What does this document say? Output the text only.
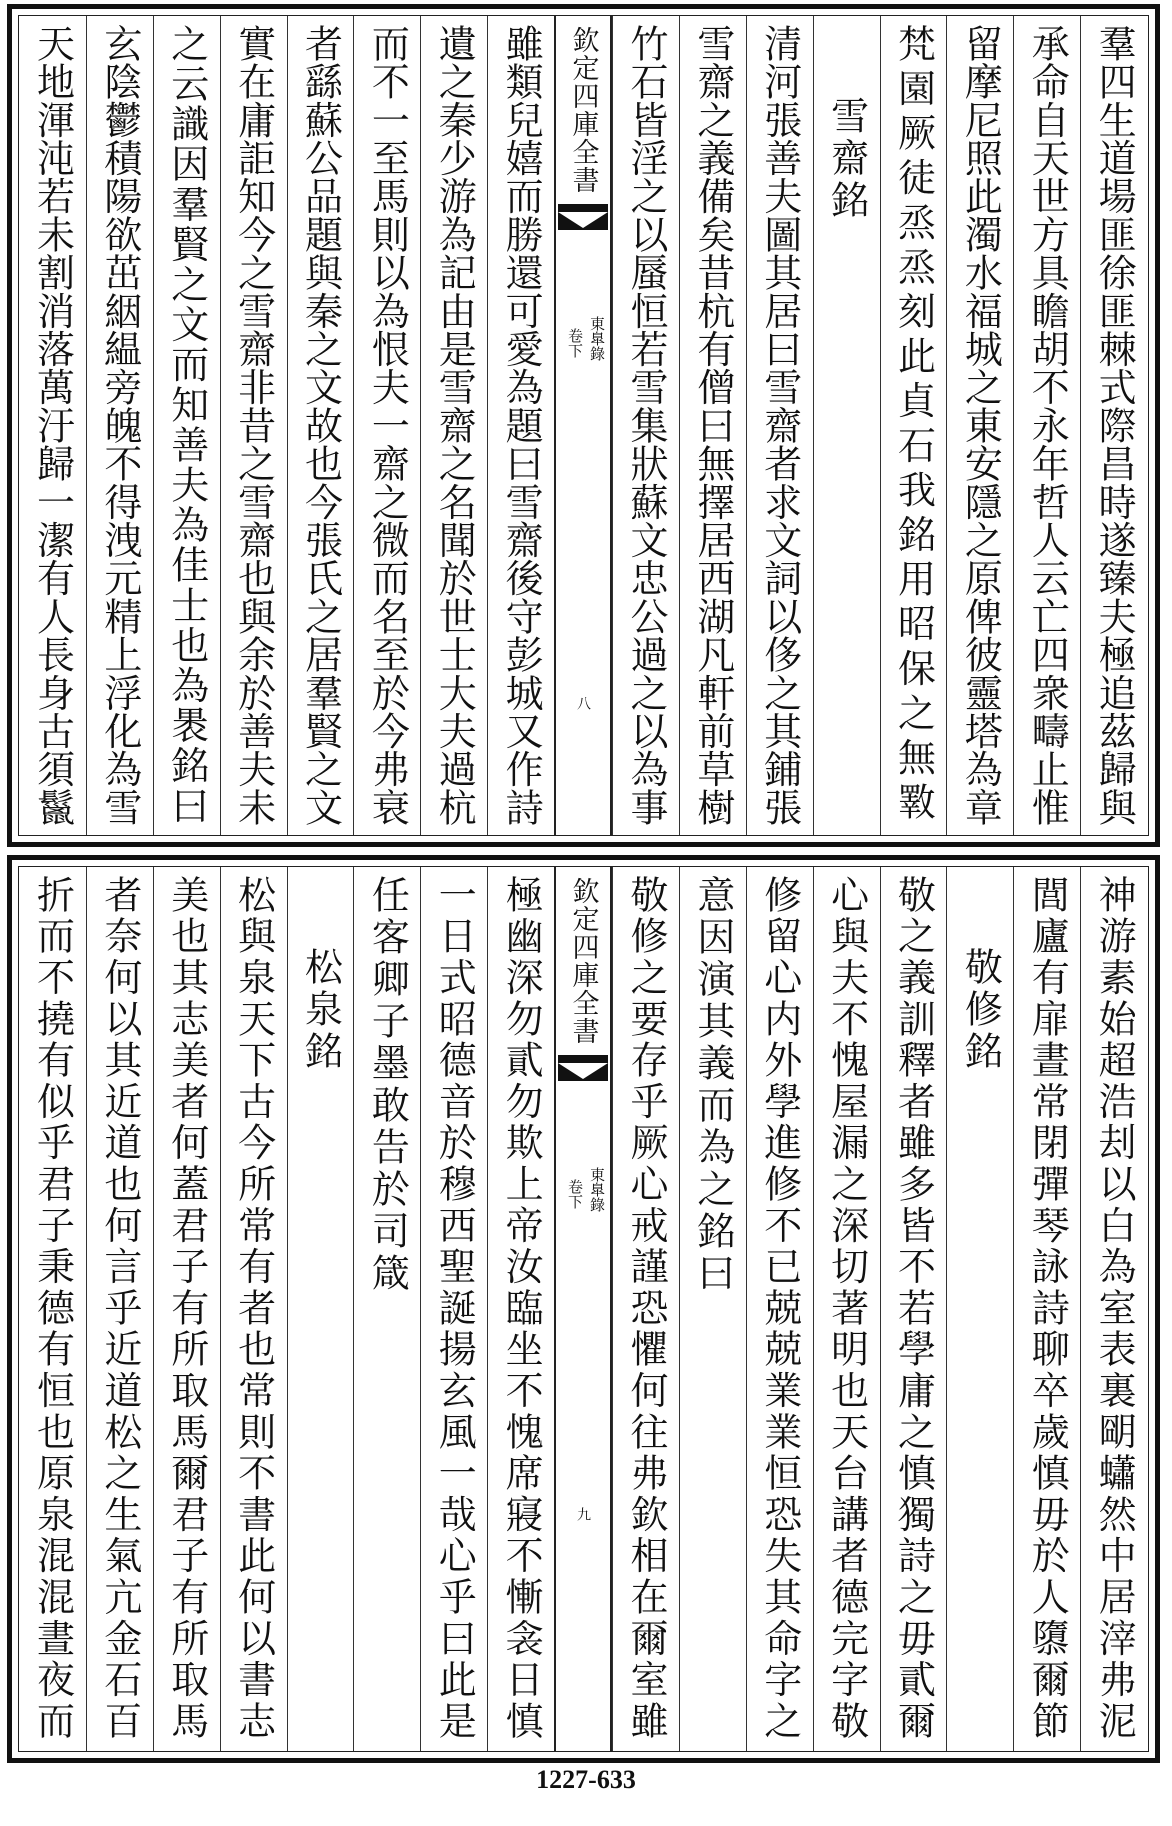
羣四生道場匪徐匪棘式際昌時遂臻夫極追茲歸與
承命自天世方具瞻胡不永年哲人云亡四衆疇止惟
留摩尼照此濁水福城之東安隱之原俾彼靈塔為章
梵園厥徒烝烝刻此貞石我銘用昭保之無斁
雪齋銘
清河張善夫圖其居曰雪齋者求文詞以侈之其鋪張
雪齋之義備矣昔杭有僧曰無擇居西湖凡軒前草樹
竹石皆淫之以蜃恒若雪集狀蘇文忠公過之以為事
欽定四庫全書
東臯錄
卷下
八
雖類兒嬉而勝還可愛為題曰雪齋後守彭城又作詩
遺之秦少游為記由是雪齋之名聞於世士大夫過杭
而不一至馬則以為恨夫一齋之微而名至於今弗衰
者繇蘇公品題與秦之文故也今張氏之居羣賢之文
實在庸詎知今之雪齋非昔之雪齋也與余於善夫未
之云識因羣賢之文而知善夫為佳士也為褁銘曰
玄陰鬱積陽欲茁絪緼旁魄不得洩元精上浮化為雪
天地渾沌若未割消落萬汙歸一潔有人長身古須鬣
神游素始超浩刦以白為室表裏朙蠨然中居滓弗泥
閭廬有扉晝常閉彈琴詠詩聊卒歲慎毋於人隳爾節
敬修銘
敬之義訓釋者雖多皆不若學庸之慎獨詩之毋貳爾
心與夫不愧屋漏之深切著明也天台講者德完字敬
修留心内外學進修不已兢兢業業恒恐失其命字之
意因演其義而為之銘曰
敬修之要存乎厥心戒謹恐懼何往弗欽相在爾室雖
欽定四庫全書
東臯錄
卷下
九
極幽深勿貳勿欺上帝汝臨坐不愧席寢不慚衾日慎
一日式昭德音於穆西聖誕揚玄風一哉心乎曰此是
任客卿子墨敢告於司箴
松泉銘
松與泉天下古今所常有者也常則不書此何以書志
美也其志美者何蓋君子有所取馬爾君子有所取馬
者奈何以其近道也何言乎近道松之生氣亢金石百
折而不撓有似乎君子秉德有恒也原泉混混晝夜而
1227-633
